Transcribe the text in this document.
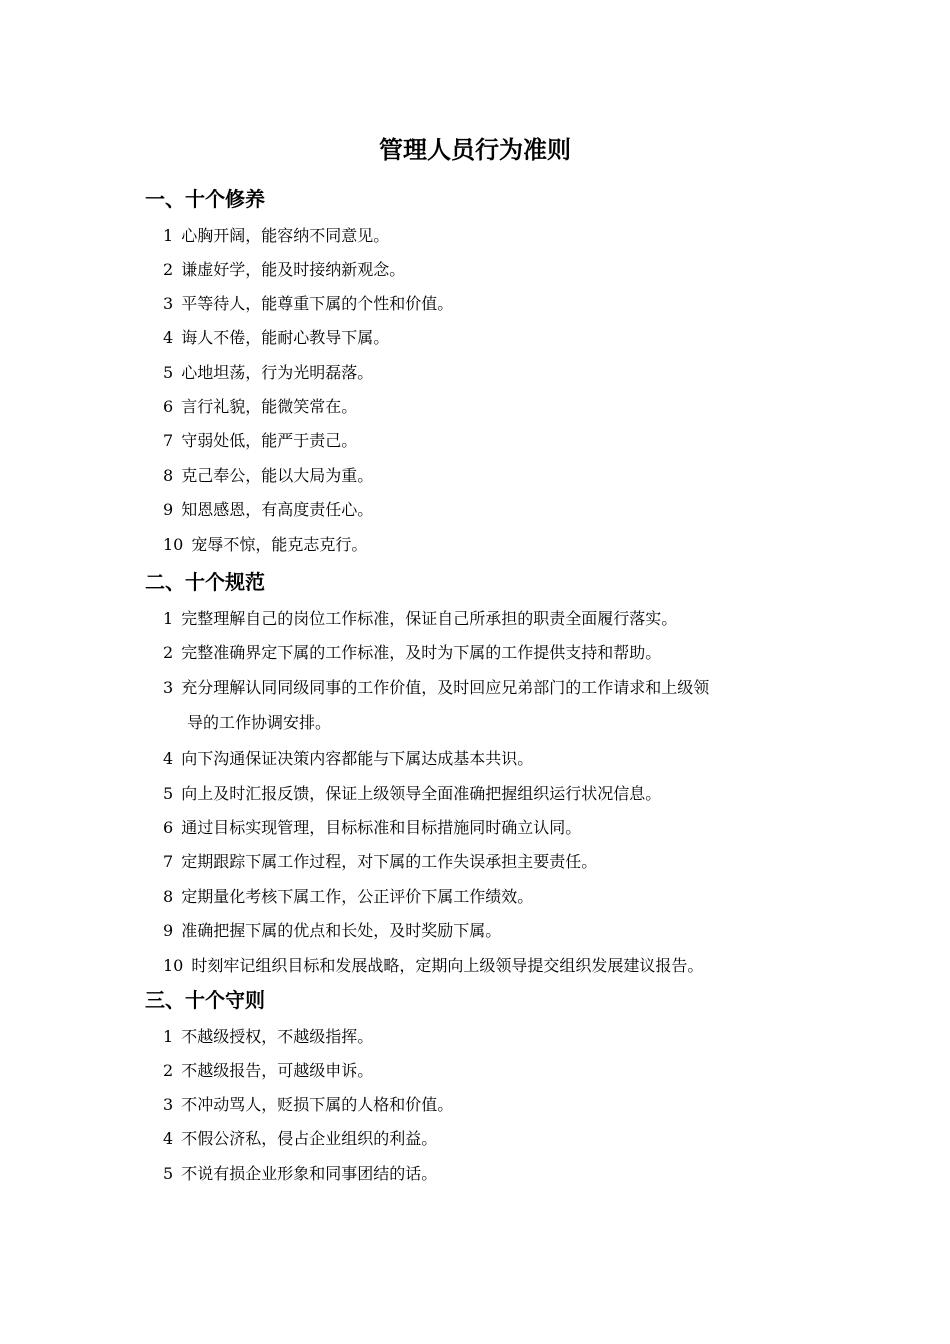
管理人员行为准则
一、十个修养
1 心胸开阔，能容纳不同意见。
2 谦虚好学，能及时接纳新观念。
3 平等待人，能尊重下属的个性和价值。
4 诲人不倦，能耐心教导下属。
5 心地坦荡，行为光明磊落。
6 言行礼貌，能微笑常在。
7 守弱处低，能严于责己。
8 克己奉公，能以大局为重。
9 知恩感恩，有高度责任心。
10 宠辱不惊，能克志克行。
二、十个规范
1 完整理解自己的岗位工作标准，保证自己所承担的职责全面履行落实。
2 完整准确界定下属的工作标准，及时为下属的工作提供支持和帮助。
3 充分理解认同同级同事的工作价值，及时回应兄弟部门的工作请求和上级领
导的工作协调安排。
4 向下沟通保证决策内容都能与下属达成基本共识。
5 向上及时汇报反馈，保证上级领导全面准确把握组织运行状况信息。
6 通过目标实现管理，目标标准和目标措施同时确立认同。
7 定期跟踪下属工作过程，对下属的工作失误承担主要责任。
8 定期量化考核下属工作，公正评价下属工作绩效。
9 准确把握下属的优点和长处，及时奖励下属。
10 时刻牢记组织目标和发展战略，定期向上级领导提交组织发展建议报告。
三、十个守则
1 不越级授权，不越级指挥。
2 不越级报告，可越级申诉。
3 不冲动骂人，贬损下属的人格和价值。
4 不假公济私，侵占企业组织的利益。
5 不说有损企业形象和同事团结的话。
